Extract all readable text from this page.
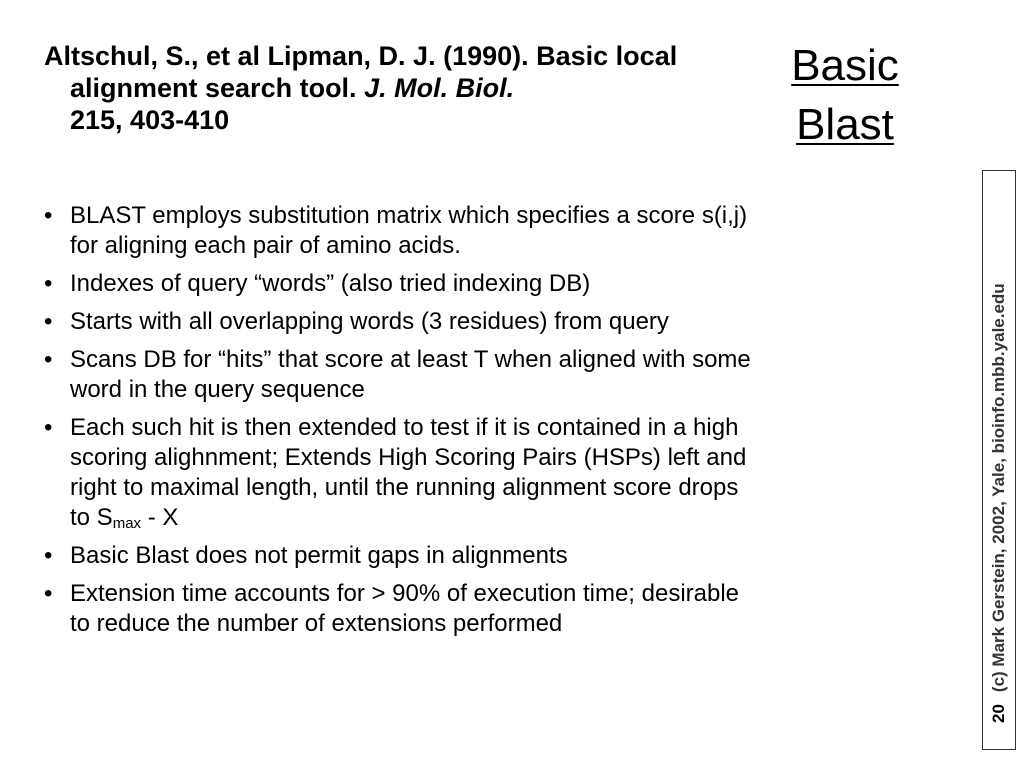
Altschul, S., et al Lipman, D. J. (1990). Basic local alignment search tool. J. Mol. Biol.
215, 403-410
Basic
Blast
• BLAST employs substitution matrix which specifies a score s(i,j) for aligning each pair of amino acids.
• Indexes of query “words” (also tried indexing DB)
• Starts with all overlapping words (3 residues) from query
• Scans DB for “hits” that score at least T when aligned with some word in the query sequence
• Each such hit is then extended to test if it is contained in a high scoring alighnment; Extends High Scoring Pairs (HSPs) left and right to maximal length, until the running alignment score drops to $S_{max}$ - X
• Basic Blast does not permit gaps in alignments
• Extension time accounts for > 90% of execution time; desirable to reduce the number of extensions performed
20(c) Mark Gerstein, 2002, Yale, bioinfo.mbb.yale.edu
